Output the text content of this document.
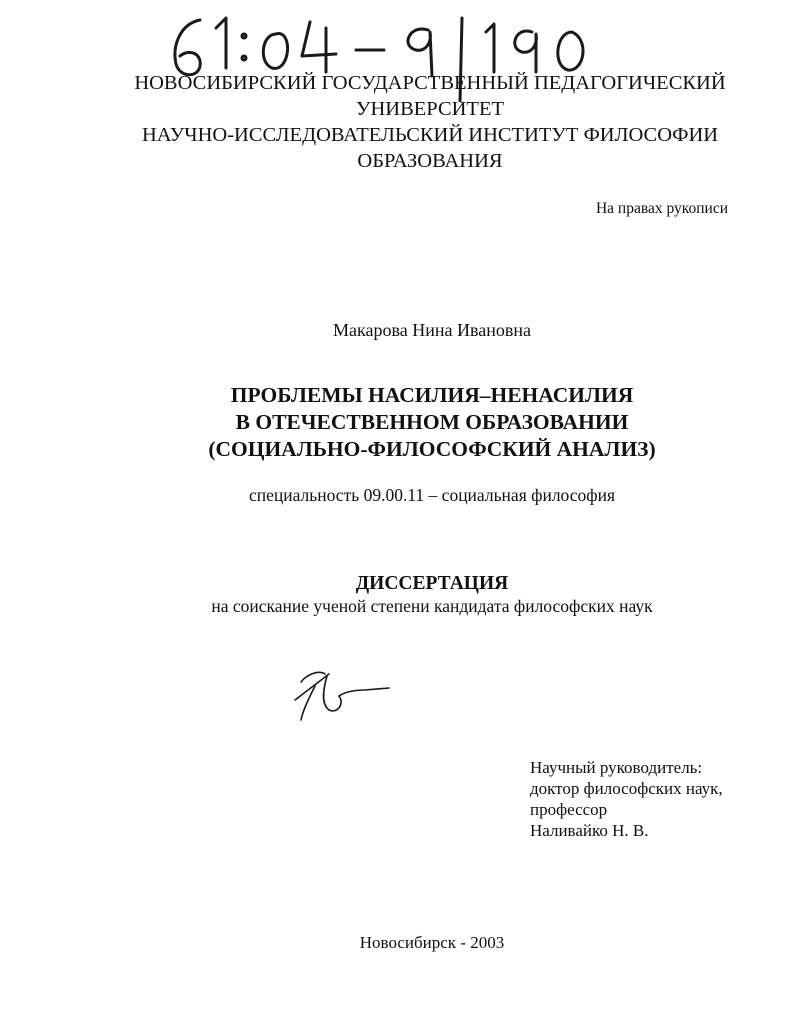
НОВОСИБИРСКИЙ ГОСУДАРСТВЕННЫЙ ПЕДАГОГИЧЕСКИЙ
УНИВЕРСИТЕТ
НАУЧНО-ИССЛЕДОВАТЕЛЬСКИЙ ИНСТИТУТ ФИЛОСОФИИ
ОБРАЗОВАНИЯ
На правах рукописи
Макарова Нина Ивановна
ПРОБЛЕМЫ НАСИЛИЯ–НЕНАСИЛИЯ
В ОТЕЧЕСТВЕННОМ ОБРАЗОВАНИИ
(СОЦИАЛЬНО-ФИЛОСОФСКИЙ АНАЛИЗ)
специальность 09.00.11 – социальная философия
ДИССЕРТАЦИЯ
на соискание ученой степени кандидата философских наук
Научный руководитель:
доктор философских наук,
профессор
Наливайко Н. В.
Новосибирск - 2003
